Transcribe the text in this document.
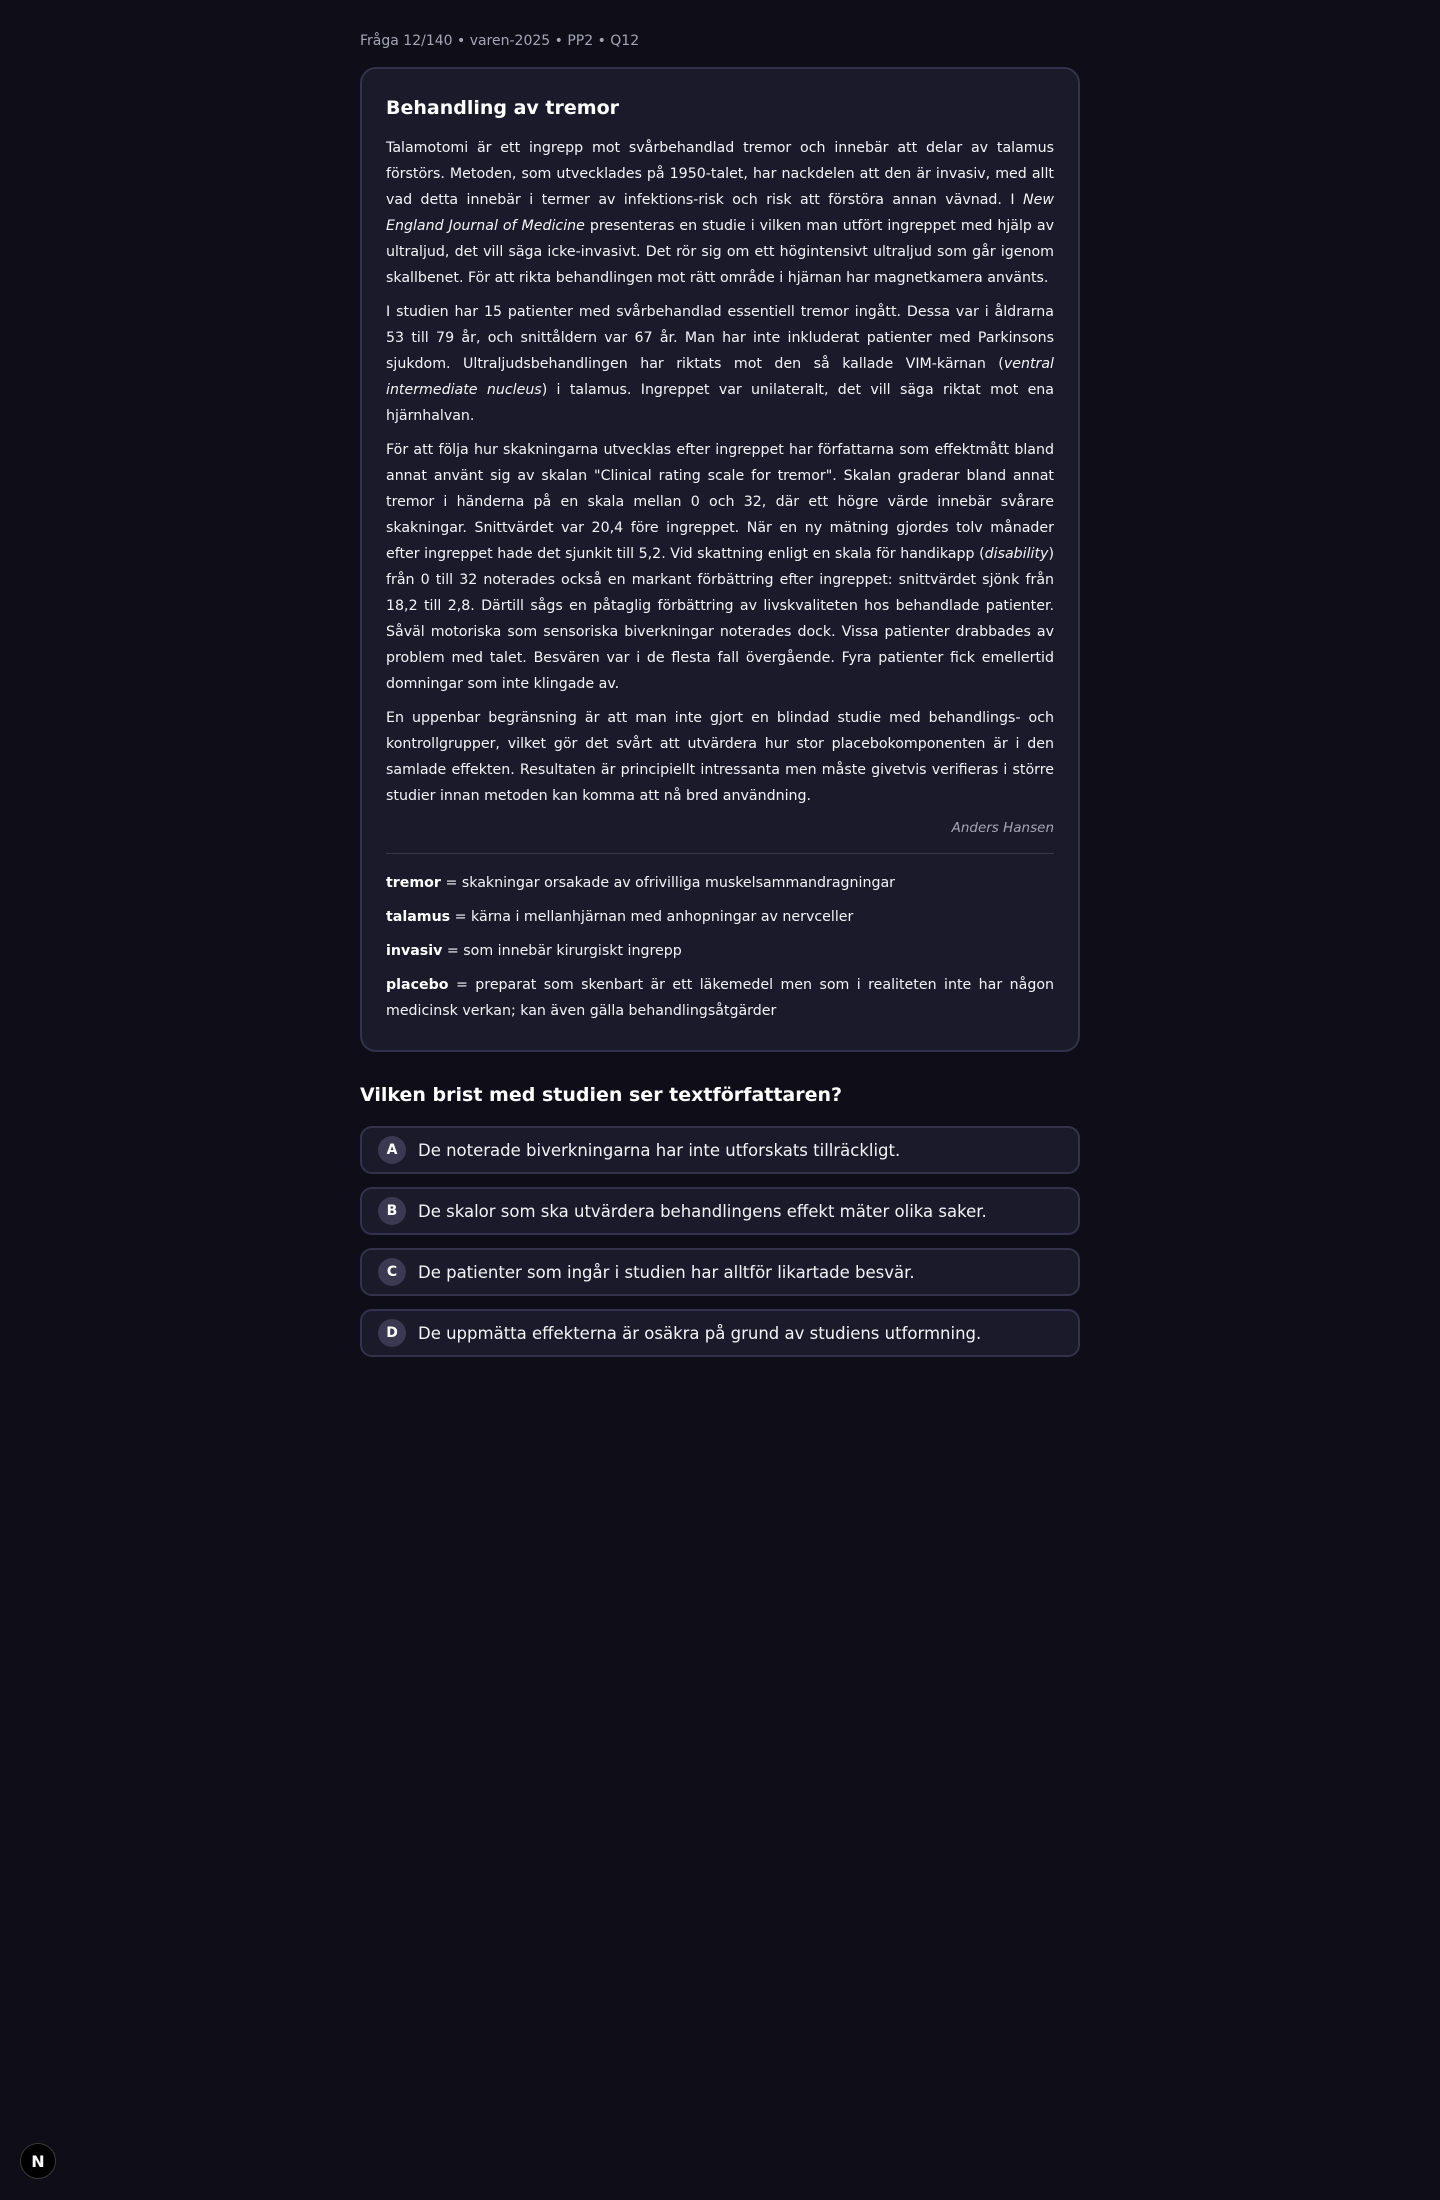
Fråga 12/140 • varen-2025 • PP2 • Q12
Behandling av tremor

Talamotomi är ett ingrepp mot svårbehandlad tremor och innebär att delar av talamus förstörs. Metoden, som utvecklades på 1950-talet, har nackdelen att den är invasiv, med allt vad detta innebär i termer av infektions-risk och risk att förstöra annan vävnad. I New England Journal of Medicine presenteras en studie i vilken man utfört ingreppet med hjälp av ultraljud, det vill säga icke-invasivt. Det rör sig om ett högintensivt ultraljud som går igenom skallbenet. För att rikta behandlingen mot rätt område i hjärnan har magnetkamera använts.

I studien har 15 patienter med svårbehandlad essentiell tremor ingått. Dessa var i åldrarna 53 till 79 år, och snittåldern var 67 år. Man har inte inkluderat patienter med Parkinsons sjukdom. Ultraljudsbehandlingen har riktats mot den så kallade VIM-kärnan (ventral intermediate nucleus) i talamus. Ingreppet var unilateralt, det vill säga riktat mot ena hjärnhalvan.

För att följa hur skakningarna utvecklas efter ingreppet har författarna som effektmått bland annat använt sig av skalan "Clinical rating scale for tremor". Skalan graderar bland annat tremor i händerna på en skala mellan 0 och 32, där ett högre värde innebär svårare skakningar. Snittvärdet var 20,4 före ingreppet. När en ny mätning gjordes tolv månader efter ingreppet hade det sjunkit till 5,2. Vid skattning enligt en skala för handikapp (disability) från 0 till 32 noterades också en markant förbättring efter ingreppet: snittvärdet sjönk från 18,2 till 2,8. Därtill sågs en påtaglig förbättring av livskvaliteten hos behandlade patienter. Såväl motoriska som sensoriska biverkningar noterades dock. Vissa patienter drabbades av problem med talet. Besvären var i de flesta fall övergående. Fyra patienter fick emellertid domningar som inte klingade av.

En uppenbar begränsning är att man inte gjort en blindad studie med behandlings- och kontrollgrupper, vilket gör det svårt att utvärdera hur stor placebokomponenten är i den samlade effekten. Resultaten är principiellt intressanta men måste givetvis verifieras i större studier innan metoden kan komma att nå bred användning.

Anders Hansen

tremor = skakningar orsakade av ofrivilliga muskelsammandragningar

talamus = kärna i mellanhjärnan med anhopningar av nervceller

invasiv = som innebär kirurgiskt ingrepp

placebo = preparat som skenbart är ett läkemedel men som i realiteten inte har någon medicinsk verkan; kan även gälla behandlingsåtgärder

Vilken brist med studien ser textförfattaren?
A	De noterade biverkningarna har inte utforskats tillräckligt.
B	De skalor som ska utvärdera behandlingens effekt mäter olika saker.
C	De patienter som ingår i studien har alltför likartade besvär.
D	De uppmätta effekterna är osäkra på grund av studiens utformning.
N
